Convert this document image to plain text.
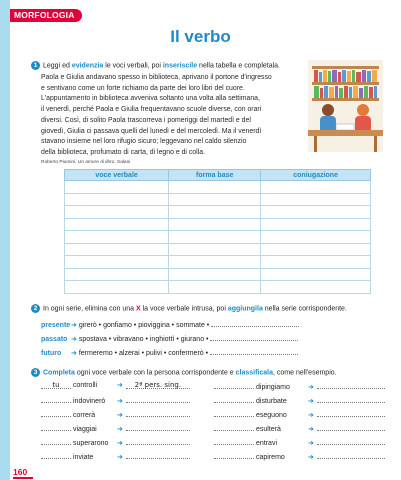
MORFOLOGIA
Il verbo
1 Leggi ed evidenzia le voci verbali, poi inseriscile nella tabella e completala.

Paola e Giulia andavano spesso in biblioteca, aprivano il portone d'ingresso

e sentivano come un forte richiamo da parte dei loro libri del cuore.

L'appuntamento in biblioteca avveniva soltanto una volta alla settimana,

il venerdì, perché Paola e Giulia frequentavano scuole diverse, con orari

diversi. Così, di solito Paola trascorreva i pomeriggi del martedì e del

giovedì, Giulia ci passava quelli del lunedì e del mercoledì. Ma il venerdì

stavano insieme nel loro rifugio sicuro; leggevano nel caldo silenzio

della biblioteca, profumato di carta, di legno e di colla.

Roberto Piumini, Un amore di libro, Salani
voce verbale	forma base	coniugazione

2 In ogni serie, elimina con una X la voce verbale intrusa, poi aggiungila nella serie corrispondente.
presente➜ girerò • gonfiamo • pioviggina • sommate •
passato ➜ spostava • vibravano • inghiottì • giurano •
futuro ➜ fermeremo • alzerai • pulivi • confermerò •
3 Completa ogni voce verbale con la persona corrispondente e classificala, come nell'esempio.
tu controlli	➜ 2ª pers. sing.
indovinerò ➜
correrà	➜
viaggiai	➜
superarono ➜
inviate	➜
dipingiamo	➜
disturbate	➜
eseguono	➜
esulterà	➜
entravi	➜
capiremo	➜
160
